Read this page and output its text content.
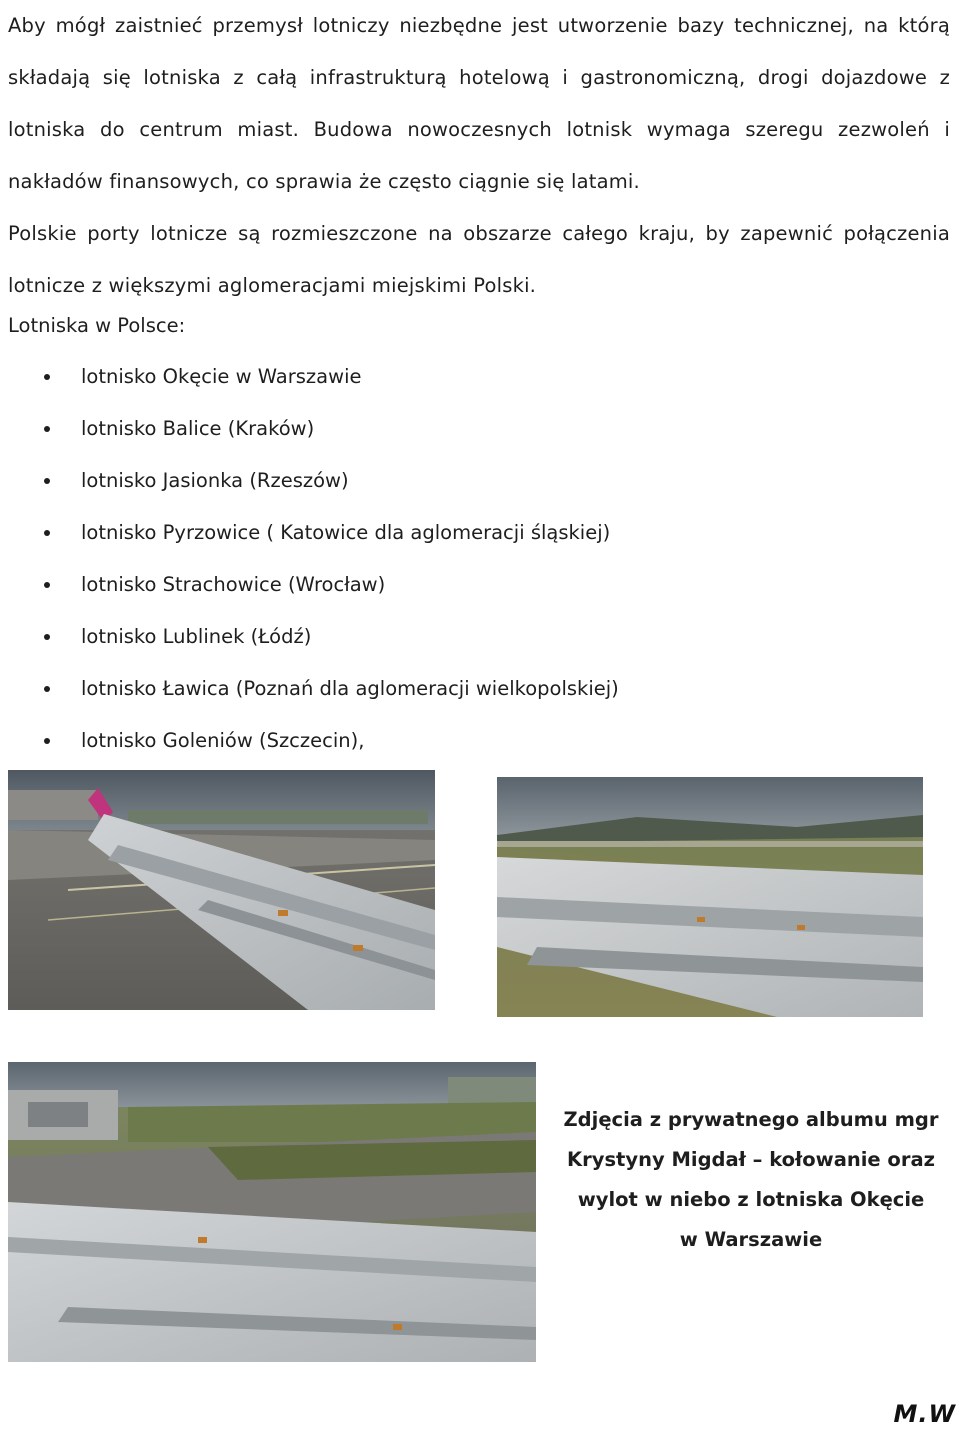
Aby mógł zaistnieć przemysł lotniczy niezbędne jest utworzenie bazy technicznej, na którą składają się lotniska z całą infrastrukturą hotelową i gastronomiczną, drogi dojazdowe z lotniska do centrum miast. Budowa nowoczesnych lotnisk wymaga szeregu zezwoleń i nakładów finansowych, co sprawia że często ciągnie się latami.

Polskie porty lotnicze są rozmieszczone na obszarze całego kraju, by zapewnić połączenia lotnicze z większymi aglomeracjami miejskimi Polski.

Lotniska w Polsce:
lotnisko Okęcie w Warszawie
lotnisko Balice (Kraków)
lotnisko Jasionka (Rzeszów)
lotnisko Pyrzowice ( Katowice dla aglomeracji śląskiej)
lotnisko Strachowice (Wrocław)
lotnisko Lublinek (Łódź)
lotnisko Ławica (Poznań dla aglomeracji wielkopolskiej)
lotnisko Goleniów (Szczecin),
Zdjęcia z prywatnego albumu mgr
Krystyny Migdał – kołowanie oraz
wylot w niebo z lotniska Okęcie
w Warszawie
M.W
